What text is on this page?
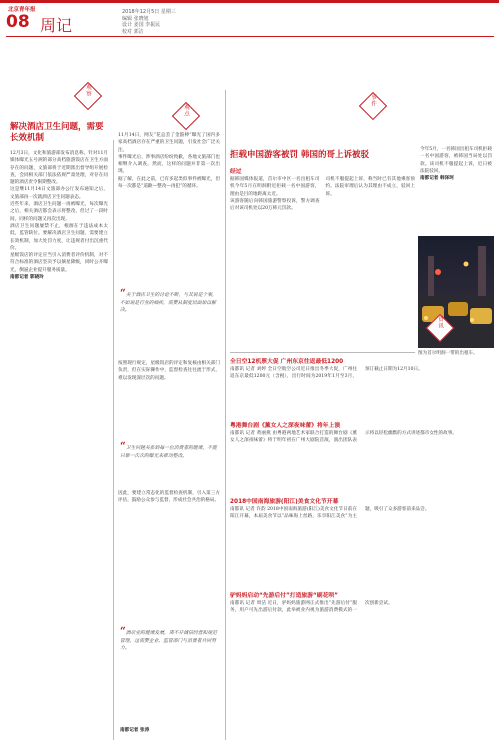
北京青年报
08 周记
2018年12月5日 星期三
编辑 张晓旭
设计 姜国 李振民
校对 郭洁
观察
解决酒店卫生问题，需要长效机制

12月3日，文化和旅游部发布消息称，针对11月媒体曝光五号洲的部分高档旅游饭店在卫生方面存在的问题，文旅部将于近期派出督导组开展检查，会同相关部门依法依规严肃处理，对存在问题的酒店责令限期整改。

这是继11月14日文旅部办公厅发布通知之后，文旅部再一次就酒店卫生问题表态。

近些年来，酒店卫生问题一再被曝光，每次曝光之后，相关酒店都会表示将整改，但过了一段时间，同样的问题又再次出现。

酒店卫生问题屡禁不止，根源在于违法成本太低，监管缺位。要解决酒店卫生问题，需要建立长效机制，加大处罚力度，让违规者付出沉重代价。

星级饭店的评定应当引入消费者评价机制，对不符合标准的酒店坚决予以摘星降级，同时公开曝光，倒逼企业提升服务质量。

南都记者 郭晓玲

观点

11月14日，网友“花总丢了金箍棒”曝光了国内多家高档酒店存在严重的卫生问题，引发社会广泛关注。

事件曝光后，涉事酒店纷纷致歉，各地文旅部门也相继介入调查。然而，这样的问题并非第一次出现。

据了解，在此之前，已有多起类似事件被曝光，但每一次都是“道歉—整改—再犯”的循环。

“关于酒店卫生的讨论不断，与其说是个案，不如说是行业的痼疾，需要从制度层面加以解决。

按照现行规定，星级饭店的评定和复核由相关部门负责，但在实际操作中，监督检查往往流于形式，难以发现深层次的问题。

“卫生问题关系到每一位消费者的健康，不能只靠一次次的曝光来推动整改。

因此，要建立常态化的监督检查机制，引入第三方评估，鼓励公众参与监督，形成社会共治的格局。

“酒店业的健康发展，离不开诚信经营和规范管理，这需要企业、监管部门与消费者共同努力。
南都记者 张涛
事件
拒载申国游客被罚 韩国的哥上诉被驳

今年5月，一名韩国出租车司机拒载一名中国游客，被韩国当局处以罚款。该司机不服提起上诉，近日被法院驳回。

南都记者 韩泽珂

经过

据韩国媒体报道，首尔市中区一名出租车司机今年5月在明洞附近拒载一名中国游客，理由是目的地距离太近。

该游客随后向韩国旅游警察投诉，警方调查后对该司机处以20万韩元罚款。

司机不服提起上诉，称当时已有其他乘客预约。法院审理后认为其理由不成立，驳回上诉。

图为首尔明洞一带的出租车。
资讯
全日空12机票大促 广州东京往返最低1200

南都讯 记者 刘婷 全日空航空公司近日推出冬季大促，广州往返东京最低1200元（含税），出行时间为2019年1月至3月，预订截止日期为12月10日。

粤港舞台剧《薰女人之深夜味蕾》将年上演

南都讯 记者 黄丽燕 由粤港两地艺术家联合打造的舞台剧《薰女人之深夜味蕾》将于明年初在广州大剧院首演，演出团队表示将以轻松幽默的方式讲述都市女性的故事。

2018中国南海旅游(阳江)美食文化节开幕

南都讯 记者 许韵 2018中国南海旅游(阳江)美食文化节日前在阳江开幕，本届美食节以“品味海上丝路，乐享阳江美食”为主题，吸引了众多游客前来品尝。

驴妈妈启动“先游后付”打造旅游“刷花呗”

南都讯 记者 周洁 近日，驴妈妈旅游网正式推出“先游后付”服务，用户可先出游后付款，此举被业内视为旅游消费模式的一次创新尝试。
